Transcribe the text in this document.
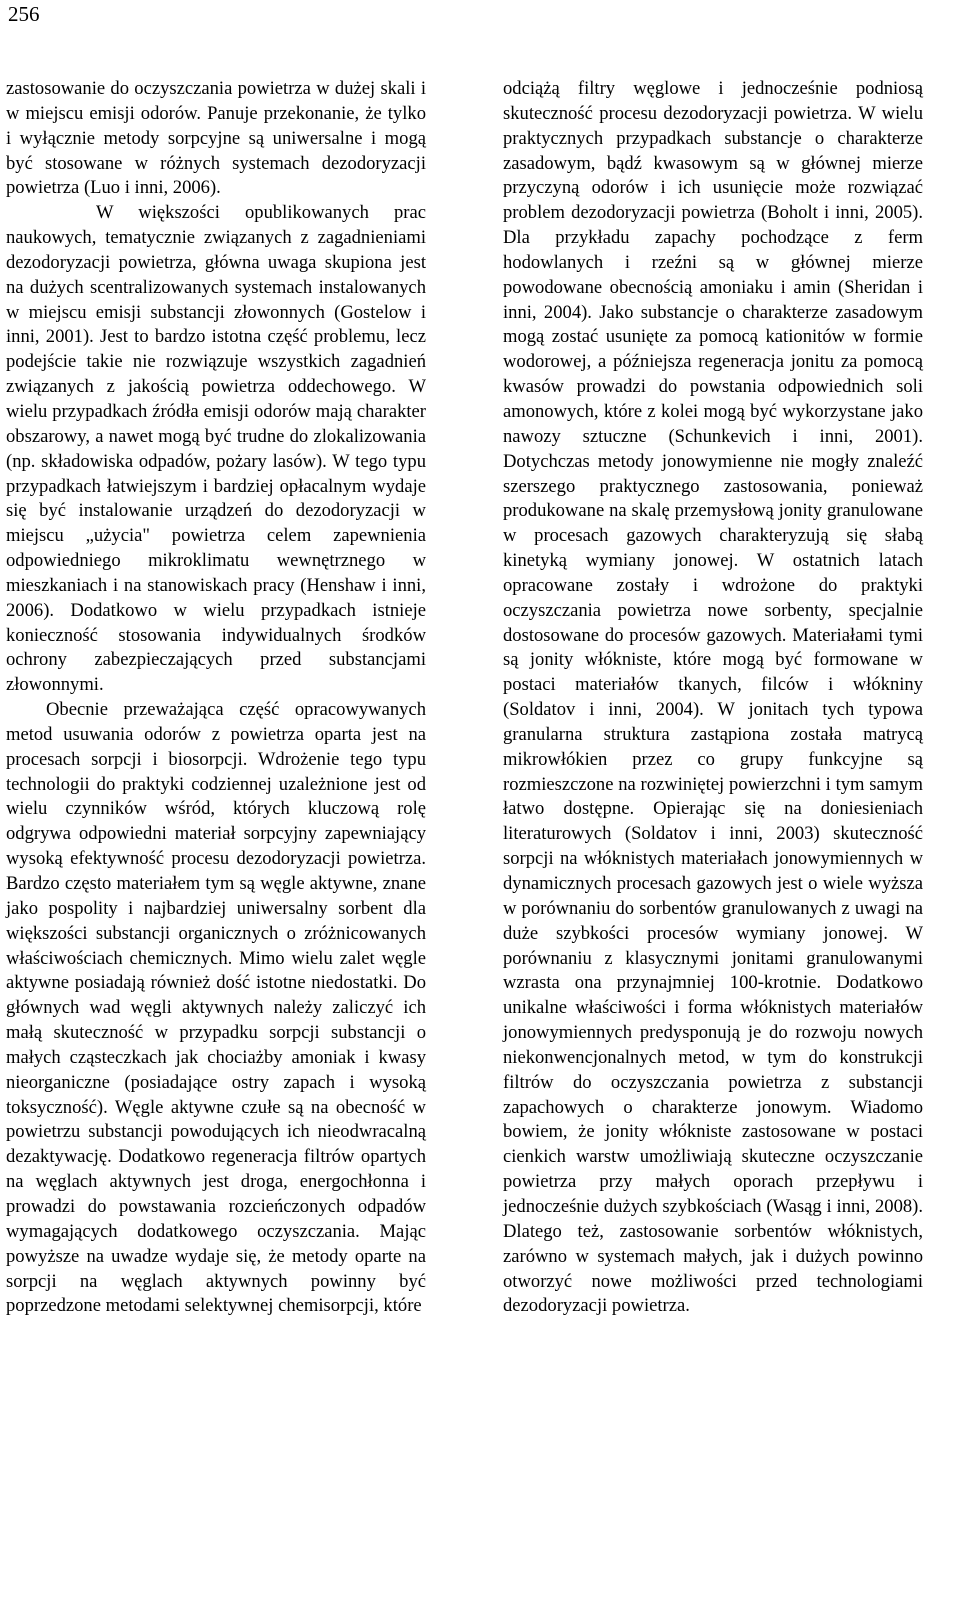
256

zastosowanie do oczyszczania powietrza w dużej skali i w miejscu emisji odorów. Panuje przekonanie, że tylko i wyłącznie metody sorpcyjne są uniwersalne i mogą być stosowane w różnych systemach dezodoryzacji powietrza (Luo i inni, 2006).

W większości opublikowanych prac naukowych, tematycznie związanych z zagadnieniami dezodoryzacji powietrza, główna uwaga skupiona jest na dużych scentralizowanych systemach instalowanych w miejscu emisji substancji złowonnych (Gostelow i inni, 2001). Jest to bardzo istotna część problemu, lecz podejście takie nie rozwiązuje wszystkich zagadnień związanych z jakością powietrza oddechowego. W wielu przypadkach źródła emisji odorów mają charakter obszarowy, a nawet mogą być trudne do zlokalizowania (np. składowiska odpadów, pożary lasów). W tego typu przypadkach łatwiejszym i bardziej opłacalnym wydaje się być instalowanie urządzeń do dezodoryzacji w miejscu „użycia" powietrza celem zapewnienia odpowiedniego mikroklimatu wewnętrznego w mieszkaniach i na stanowiskach pracy (Henshaw i inni, 2006). Dodatkowo w wielu przypadkach istnieje konieczność stosowania indywidualnych środków ochrony zabezpieczających przed substancjami złowonnymi.

Obecnie przeważająca część opracowywanych metod usuwania odorów z powietrza oparta jest na procesach sorpcji i biosorpcji. Wdrożenie tego typu technologii do praktyki codziennej uzależnione jest od wielu czynników wśród, których kluczową rolę odgrywa odpowiedni materiał sorpcyjny zapewniający wysoką efektywność procesu dezodoryzacji powietrza. Bardzo często materiałem tym są węgle aktywne, znane jako pospolity i najbardziej uniwersalny sorbent dla większości substancji organicznych o zróżnicowanych właściwościach chemicznych. Mimo wielu zalet węgle aktywne posiadają również dość istotne niedostatki. Do głównych wad węgli aktywnych należy zaliczyć ich małą skuteczność w przypadku sorpcji substancji o małych cząsteczkach jak chociażby amoniak i kwasy nieorganiczne (posiadające ostry zapach i wysoką toksyczność). Węgle aktywne czułe są na obecność w powietrzu substancji powodujących ich nieodwracalną dezaktywację. Dodatkowo regeneracja filtrów opartych na węglach aktywnych jest droga, energochłonna i prowadzi do powstawania rozcieńczonych odpadów wymagających dodatkowego oczyszczania. Mając powyższe na uwadze wydaje się, że metody oparte na sorpcji na węglach aktywnych powinny być poprzedzone metodami selektywnej chemisorpcji, które

odciążą filtry węglowe i jednocześnie podniosą skuteczność procesu dezodoryzacji powietrza. W wielu praktycznych przypadkach substancje o charakterze zasadowym, bądź kwasowym są w głównej mierze przyczyną odorów i ich usunięcie może rozwiązać problem dezodoryzacji powietrza (Boholt i inni, 2005). Dla przykładu zapachy pochodzące z ferm hodowlanych i rzeźni są w głównej mierze powodowane obecnością amoniaku i amin (Sheridan i inni, 2004). Jako substancje o charakterze zasadowym mogą zostać usunięte za pomocą kationitów w formie wodorowej, a późniejsza regeneracja jonitu za pomocą kwasów prowadzi do powstania odpowiednich soli amonowych, które z kolei mogą być wykorzystane jako nawozy sztuczne (Schunkevich i inni, 2001). Dotychczas metody jonowymienne nie mogły znaleźć szerszego praktycznego zastosowania, ponieważ produkowane na skalę przemysłową jonity granulowane w procesach gazowych charakteryzują się słabą kinetyką wymiany jonowej. W ostatnich latach opracowane zostały i wdrożone do praktyki oczyszczania powietrza nowe sorbenty, specjalnie dostosowane do procesów gazowych. Materiałami tymi są jonity włókniste, które mogą być formowane w postaci materiałów tkanych, filców i włókniny (Soldatov i inni, 2004). W jonitach tych typowa granularna struktura zastąpiona została matrycą mikrowłókien przez co grupy funkcyjne są rozmieszczone na rozwiniętej powierzchni i tym samym łatwo dostępne. Opierając się na doniesieniach literaturowych (Soldatov i inni, 2003) skuteczność sorpcji na włóknistych materiałach jonowymiennych w dynamicznych procesach gazowych jest o wiele wyższa w porównaniu do sorbentów granulowanych z uwagi na duże szybkości procesów wymiany jonowej. W porównaniu z klasycznymi jonitami granulowanymi wzrasta ona przynajmniej 100-krotnie. Dodatkowo unikalne właściwości i forma włóknistych materiałów jonowymiennych predysponują je do rozwoju nowych niekonwencjonalnych metod, w tym do konstrukcji filtrów do oczyszczania powietrza z substancji zapachowych o charakterze jonowym. Wiadomo bowiem, że jonity włókniste zastosowane w postaci cienkich warstw umożliwiają skuteczne oczyszczanie powietrza przy małych oporach przepływu i jednocześnie dużych szybkościach (Wasąg i inni, 2008). Dlatego też, zastosowanie sorbentów włóknistych, zarówno w systemach małych, jak i dużych powinno otworzyć nowe możliwości przed technologiami dezodoryzacji powietrza.
